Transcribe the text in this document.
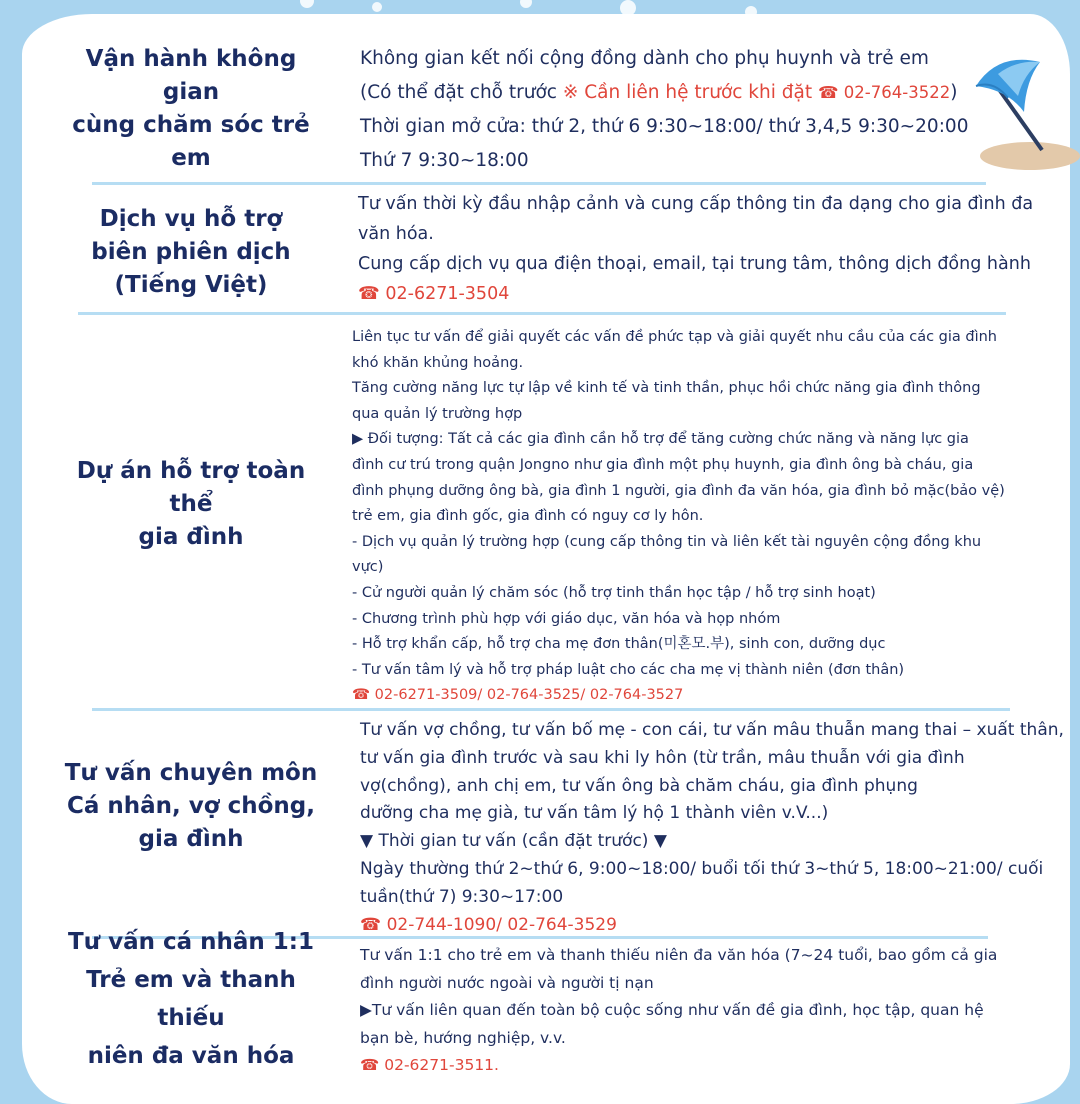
Vận hành không gian
cùng chăm sóc trẻ em
Không gian kết nối cộng đồng dành cho phụ huynh và trẻ em
(Có thể đặt chỗ trước ※ Cần liên hệ trước khi đặt ☎ 02-764-3522)
Thời gian mở cửa: thứ 2, thứ 6 9:30~18:00/ thứ 3,4,5 9:30~20:00
Thứ 7 9:30~18:00
Dịch vụ hỗ trợ
biên phiên dịch
(Tiếng Việt)
Tư vấn thời kỳ đầu nhập cảnh và cung cấp thông tin đa dạng cho gia đình đa
văn hóa.
Cung cấp dịch vụ qua điện thoại, email, tại trung tâm, thông dịch đồng hành
☎ 02-6271-3504
Dự án hỗ trợ toàn thể
gia đình
Liên tục tư vấn để giải quyết các vấn đề phức tạp và giải quyết nhu cầu của các gia đình
khó khăn khủng hoảng.
Tăng cường năng lực tự lập về kinh tế và tinh thần, phục hồi chức năng gia đình thông
qua quản lý trường hợp
▶ Đối tượng: Tất cả các gia đình cần hỗ trợ để tăng cường chức năng và năng lực gia
đình cư trú trong quận Jongno như gia đình một phụ huynh, gia đình ông bà cháu, gia
đình phụng dưỡng ông bà, gia đình 1 người, gia đình đa văn hóa, gia đình bỏ mặc(bảo vệ)
trẻ em, gia đình gốc, gia đình có nguy cơ ly hôn.
- Dịch vụ quản lý trường hợp (cung cấp thông tin và liên kết tài nguyên cộng đồng khu
vực)
- Cử người quản lý chăm sóc (hỗ trợ tinh thần học tập / hỗ trợ sinh hoạt)
- Chương trình phù hợp với giáo dục, văn hóa và họp nhóm
- Hỗ trợ khẩn cấp, hỗ trợ cha mẹ đơn thân(미혼모.부), sinh con, dưỡng dục
- Tư vấn tâm lý và hỗ trợ pháp luật cho các cha mẹ vị thành niên (đơn thân)
☎ 02-6271-3509/ 02-764-3525/ 02-764-3527
Tư vấn chuyên môn
Cá nhân, vợ chồng,
gia đình
Tư vấn vợ chồng, tư vấn bố mẹ - con cái, tư vấn mâu thuẫn mang thai – xuất thân,
tư vấn gia đình trước và sau khi ly hôn (từ trần, mâu thuẫn với gia đình
vợ(chồng), anh chị em, tư vấn ông bà chăm cháu, gia đình phụng
dưỡng cha mẹ già, tư vấn tâm lý hộ 1 thành viên v.V...)
▼ Thời gian tư vấn (cần đặt trước) ▼
Ngày thường thứ 2~thứ 6, 9:00~18:00/ buổi tối thứ 3~thứ 5, 18:00~21:00/ cuối
tuần(thứ 7) 9:30~17:00
☎ 02-744-1090/ 02-764-3529
Tư vấn cá nhân 1:1
Trẻ em và thanh thiếu
niên đa văn hóa
Tư vấn 1:1 cho trẻ em và thanh thiếu niên đa văn hóa (7~24 tuổi, bao gồm cả gia
đình người nước ngoài và người tị nạn
▶Tư vấn liên quan đến toàn bộ cuộc sống như vấn đề gia đình, học tập, quan hệ
bạn bè, hướng nghiệp, v.v.
☎ 02-6271-3511.
